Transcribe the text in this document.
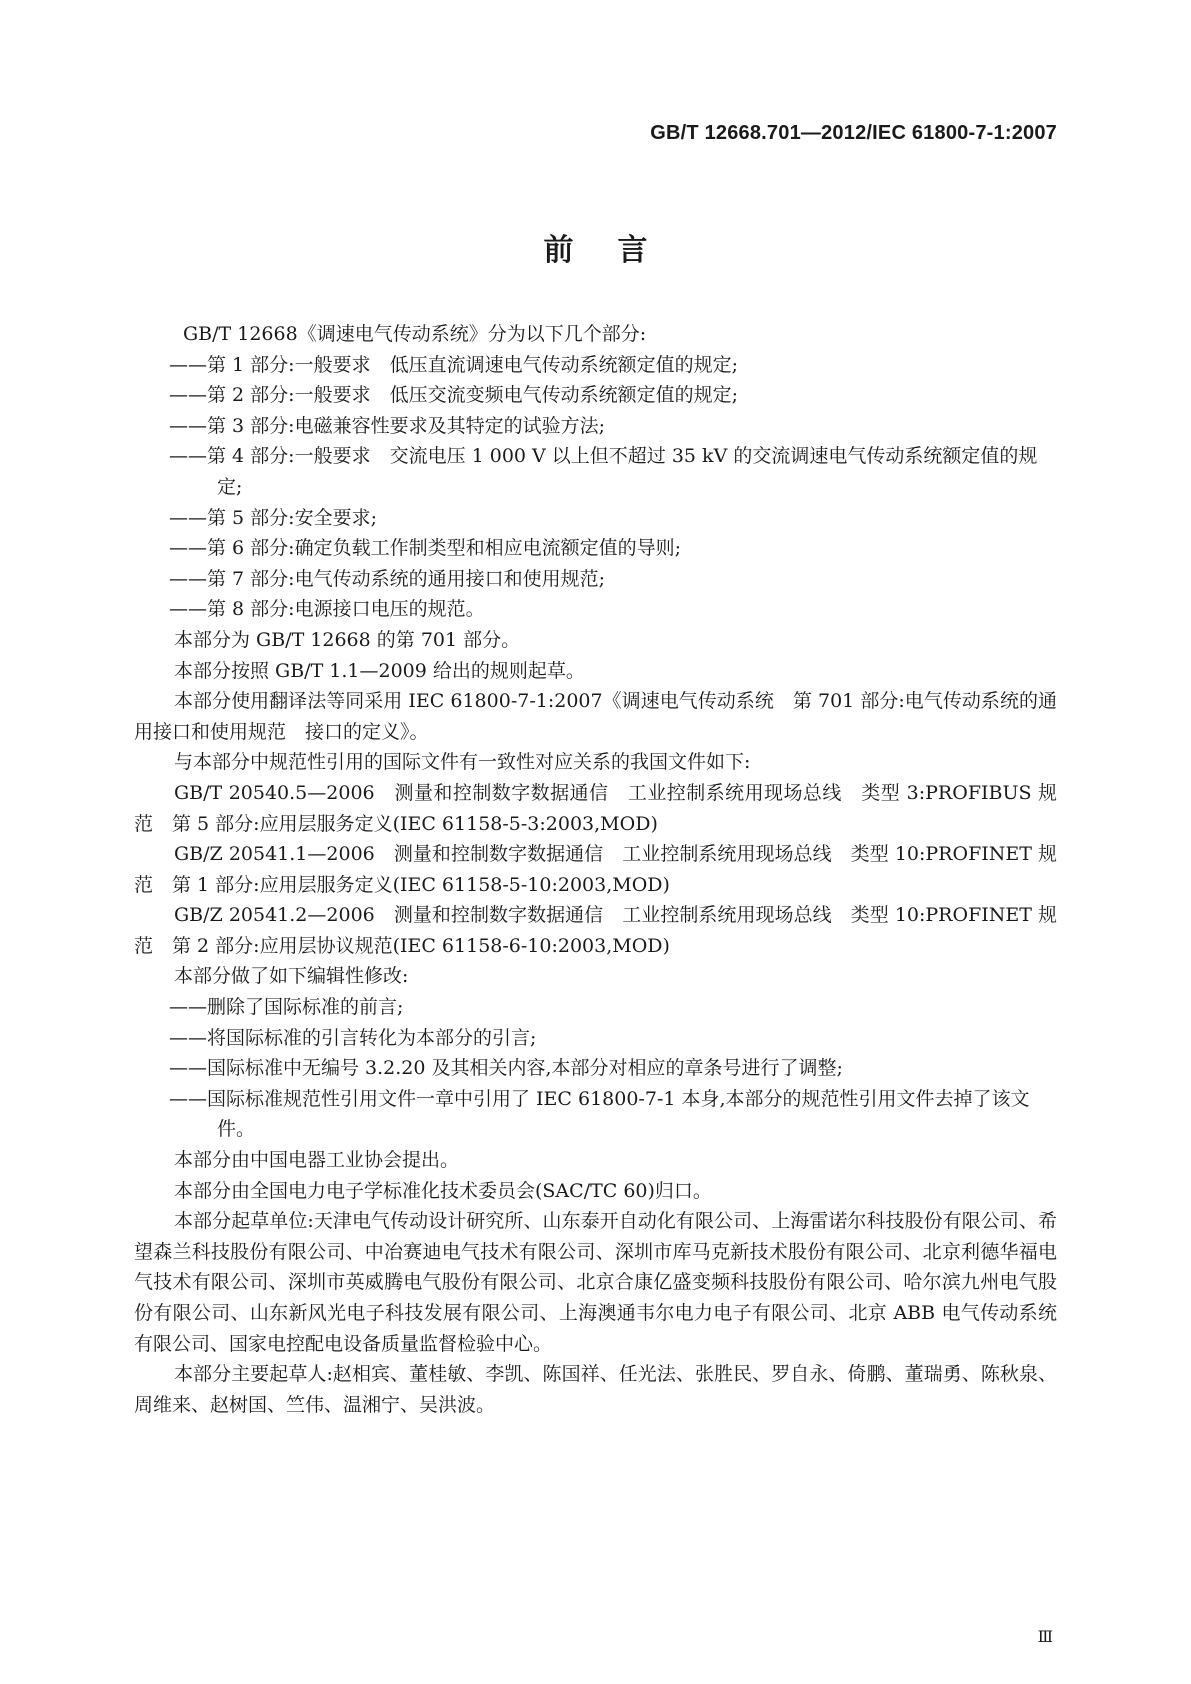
GB/T 12668.701—2012/IEC 61800-7-1:2007
前言

GB/T 12668《调速电气传动系统》分为以下几个部分:

——第 1 部分:一般要求　低压直流调速电气传动系统额定值的规定;

——第 2 部分:一般要求　低压交流变频电气传动系统额定值的规定;

——第 3 部分:电磁兼容性要求及其特定的试验方法;

——第 4 部分:一般要求　交流电压 1 000 V 以上但不超过 35 kV 的交流调速电气传动系统额定值的规定;

——第 5 部分:安全要求;

——第 6 部分:确定负载工作制类型和相应电流额定值的导则;

——第 7 部分:电气传动系统的通用接口和使用规范;

——第 8 部分:电源接口电压的规范。

本部分为 GB/T 12668 的第 701 部分。

本部分按照 GB/T 1.1—2009 给出的规则起草。

本部分使用翻译法等同采用 IEC 61800-7-1:2007《调速电气传动系统　第 701 部分:电气传动系统的通用接口和使用规范　接口的定义》。

与本部分中规范性引用的国际文件有一致性对应关系的我国文件如下:

GB/T 20540.5—2006　测量和控制数字数据通信　工业控制系统用现场总线　类型 3:PROFIBUS 规范　第 5 部分:应用层服务定义(IEC 61158-5-3:2003,MOD)

GB/Z 20541.1—2006　测量和控制数字数据通信　工业控制系统用现场总线　类型 10:PROFINET 规范　第 1 部分:应用层服务定义(IEC 61158-5-10:2003,MOD)

GB/Z 20541.2—2006　测量和控制数字数据通信　工业控制系统用现场总线　类型 10:PROFINET 规范　第 2 部分:应用层协议规范(IEC 61158-6-10:2003,MOD)

本部分做了如下编辑性修改:

——删除了国际标准的前言;

——将国际标准的引言转化为本部分的引言;

——国际标准中无编号 3.2.20 及其相关内容,本部分对相应的章条号进行了调整;

——国际标准规范性引用文件一章中引用了 IEC 61800-7-1 本身,本部分的规范性引用文件去掉了该文件。

本部分由中国电器工业协会提出。

本部分由全国电力电子学标准化技术委员会(SAC/TC 60)归口。

本部分起草单位:天津电气传动设计研究所、山东泰开自动化有限公司、上海雷诺尔科技股份有限公司、希望森兰科技股份有限公司、中冶赛迪电气技术有限公司、深圳市库马克新技术股份有限公司、北京利德华福电气技术有限公司、深圳市英威腾电气股份有限公司、北京合康亿盛变频科技股份有限公司、哈尔滨九州电气股份有限公司、山东新风光电子科技发展有限公司、上海澳通韦尔电力电子有限公司、北京 ABB 电气传动系统有限公司、国家电控配电设备质量监督检验中心。

本部分主要起草人:赵相宾、董桂敏、李凯、陈国祥、任光法、张胜民、罗自永、倚鹏、董瑞勇、陈秋泉、周维来、赵树国、竺伟、温湘宁、吴洪波。

Ⅲ
